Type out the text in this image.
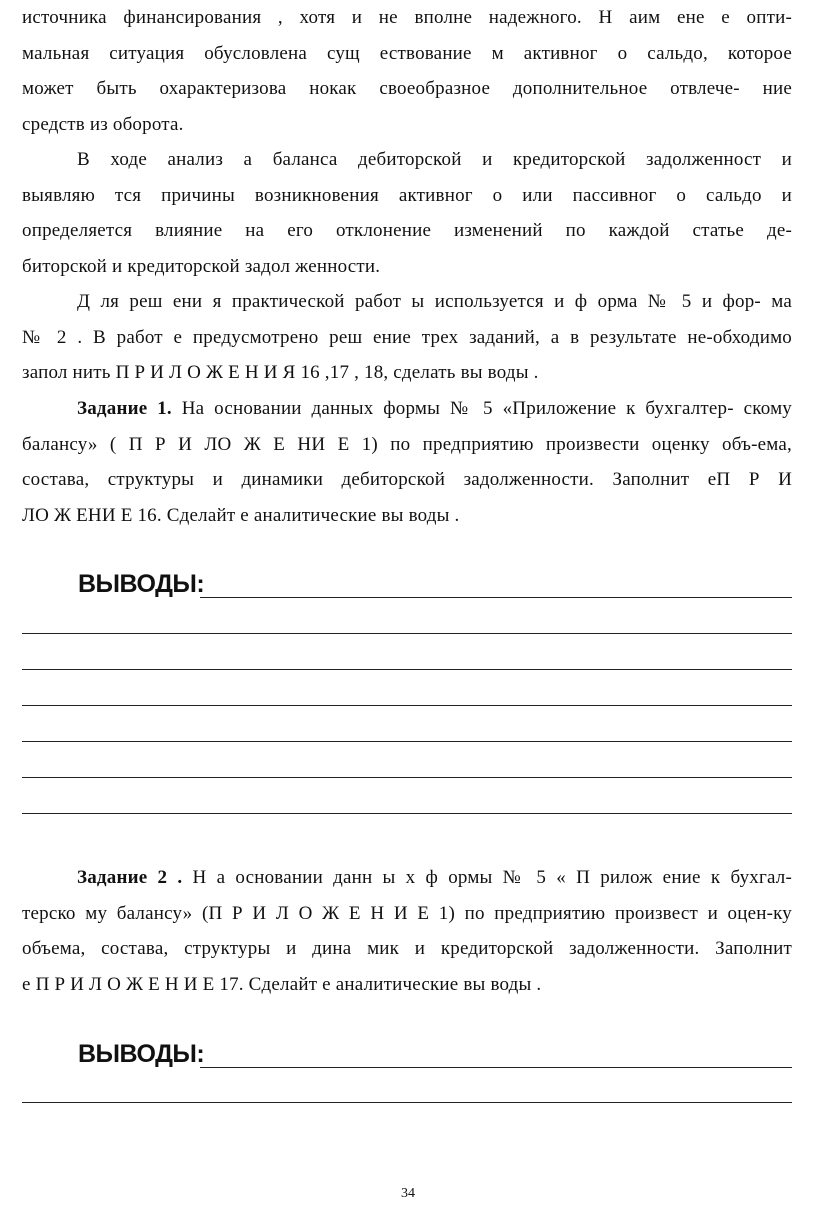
источника финансирования , хотя и не вполне надежного. Н аим ене е опти-
мальная ситуация обусловлена сущ ествование м активног о сальдо, которое
может быть охарактеризова нокак своеобразное дополнительное отвлече- ние
средств из оборота.
В ходе анализ а баланса дебиторской и кредиторской задолженност и
выявляю тся причины возникновения активног о или пассивног о сальдо и
определяется влияние на его отклонение изменений по каждой статье де-
биторской и кредиторской задол женности.
Д ля реш ени я практической работ ы используется и ф орма № 5 и фор- ма
№ 2 . В работ е предусмотрено реш ение трех заданий, а в результате не-обходимо
запол нить П Р И Л О Ж Е Н И Я 16 ,17 , 18, сделать вы воды .
Задание 1. На основании данных формы № 5 «Приложение к бухгалтер- скому
балансу» ( П Р И ЛО Ж Е НИ Е 1) по предприятию произвести оценку объ-ема,
состава, структуры и динамики дебиторской задолженности. Заполнит еП Р И
ЛО Ж ЕНИ Е 16. Сделайт е аналитические вы воды .
ВЫВОДЫ:
Задание 2 . Н а основании данн ы х ф ормы № 5 « П рилож ение к бухгал-
терско му балансу» (П Р И Л О Ж Е Н И Е 1) по предприятию произвест и оцен-ку
объема, состава, структуры и дина мик и кредиторской задолженности. Заполнит
е П Р И Л О Ж Е Н И Е 17. Сделайт е аналитические вы воды .
ВЫВОДЫ:
34
